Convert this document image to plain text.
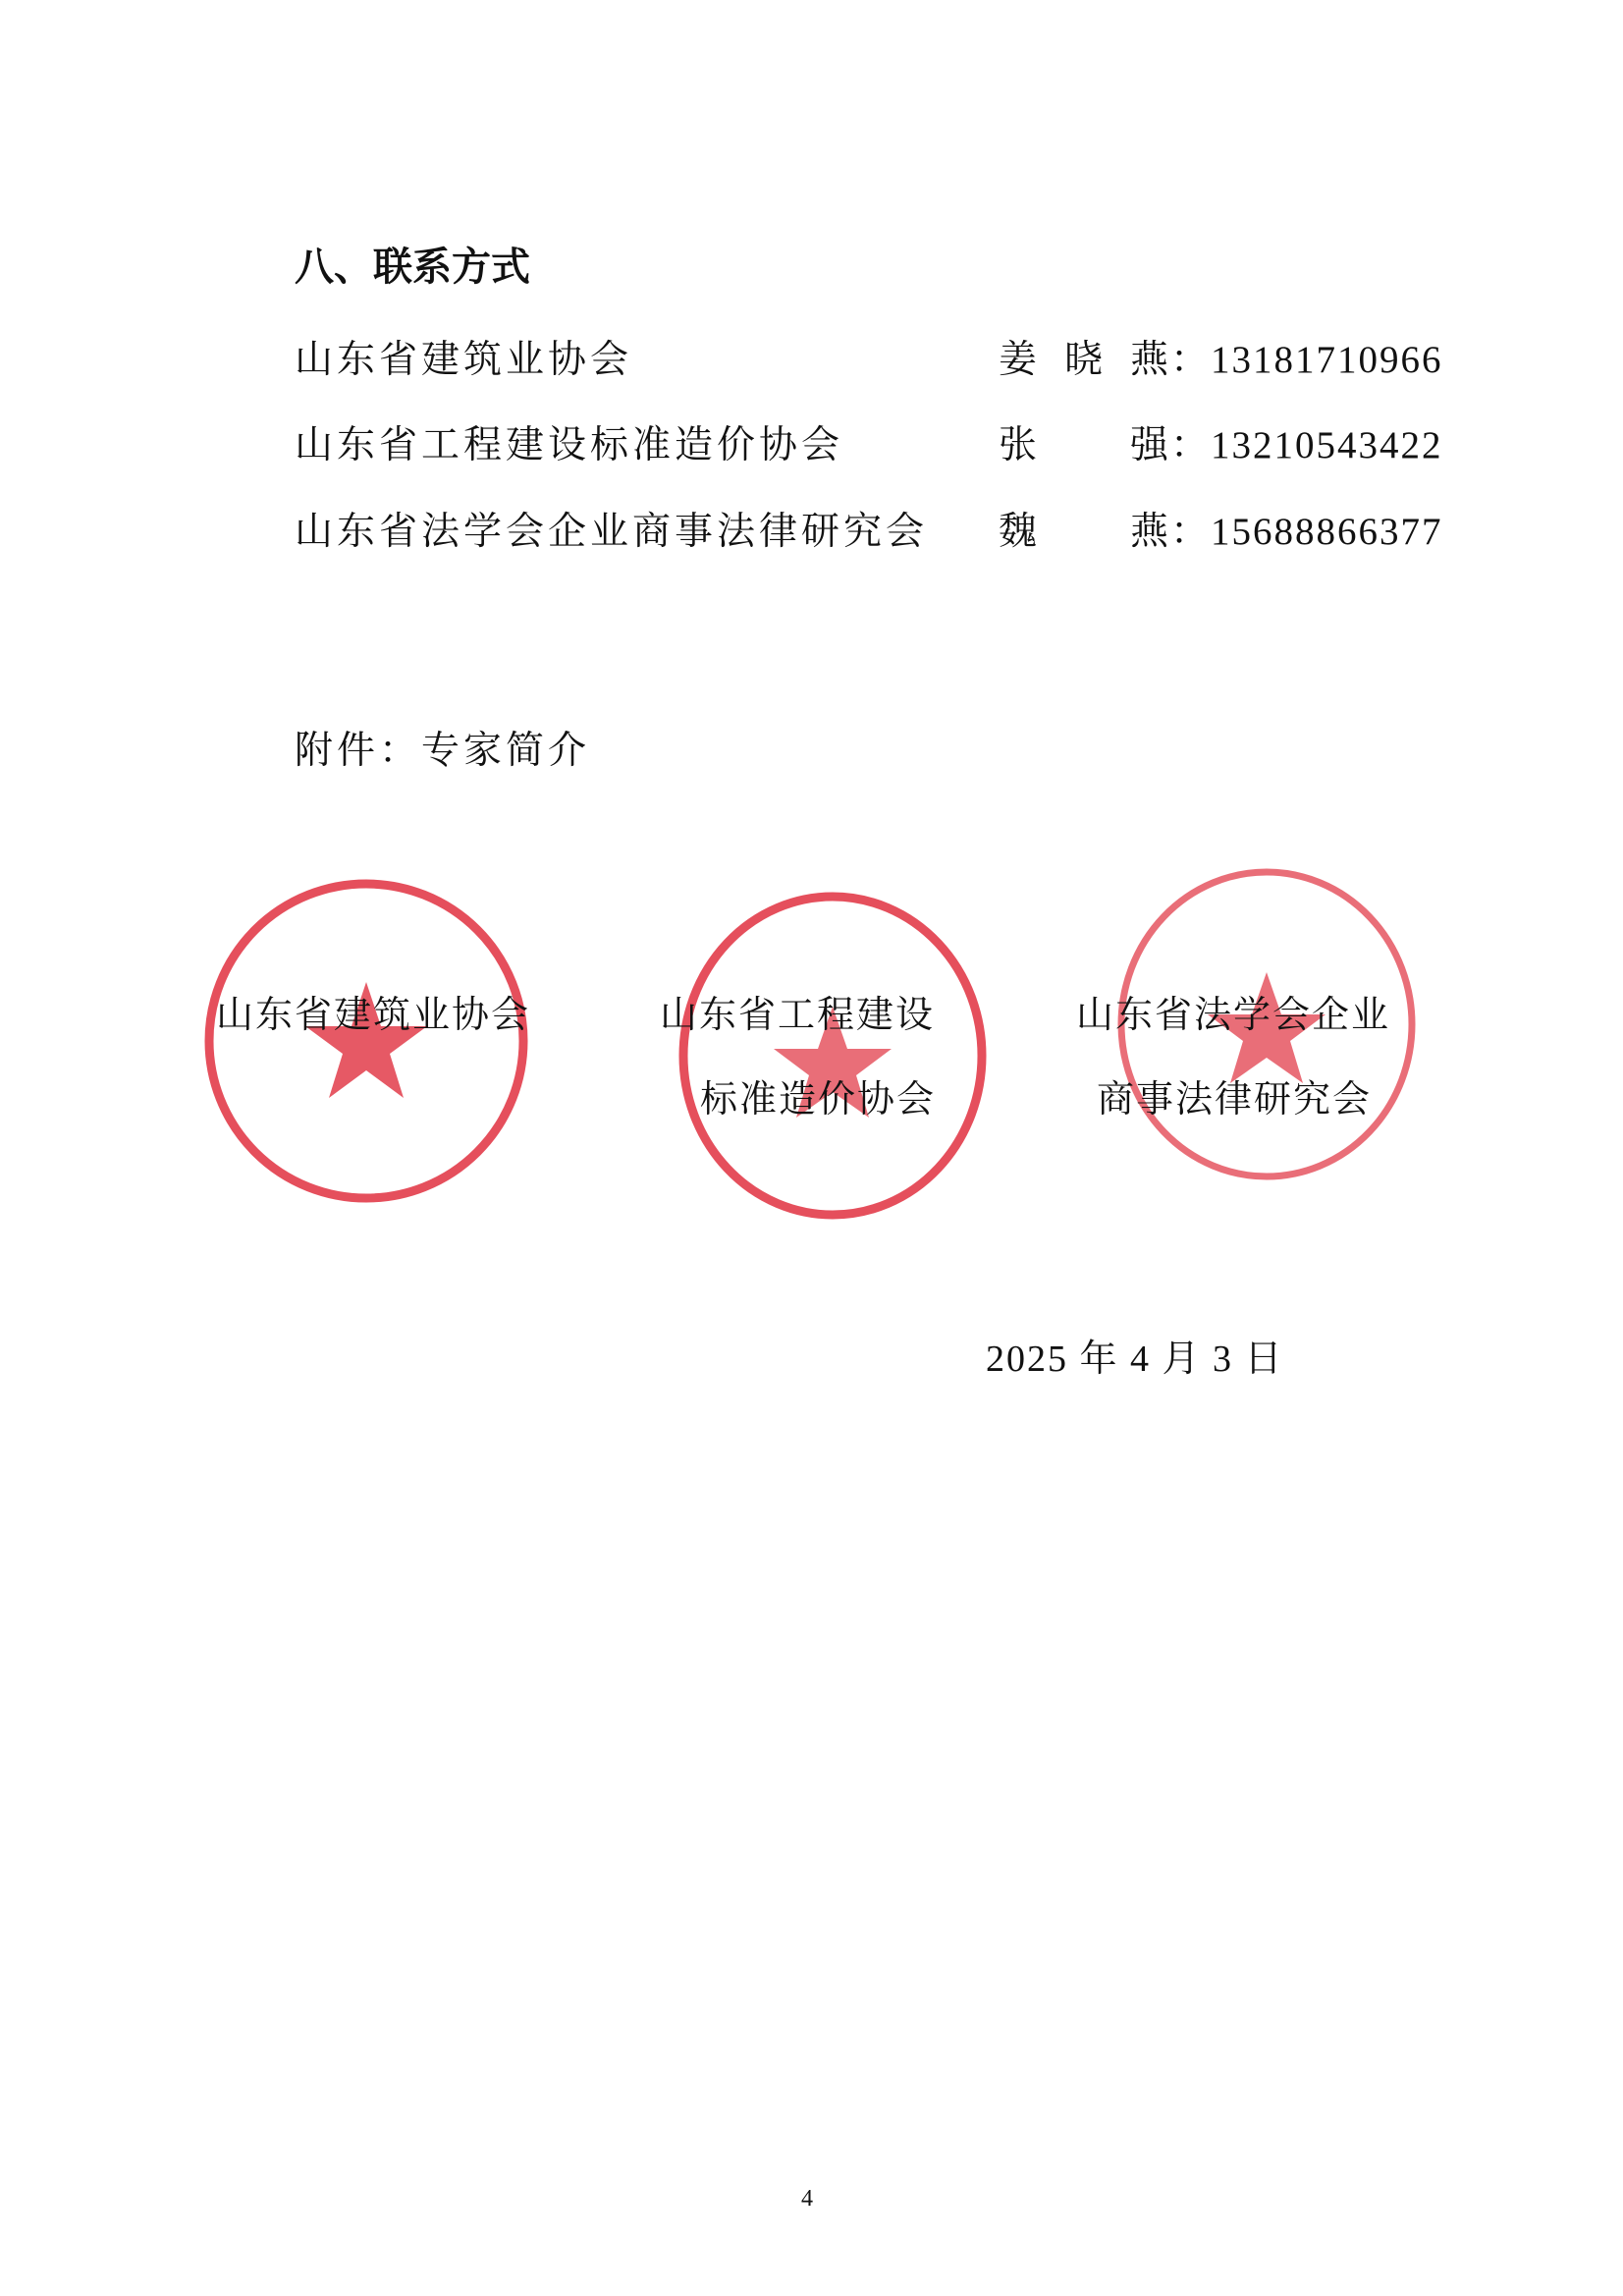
八、联系方式
山东省建筑业协会	姜晓燕：13181710966
山东省工程建设标准造价协会	张强：13210543422
山东省法学会企业商事法律研究会 魏燕：15688866377
附件：专家简介
山东省建筑业协会	山东省工程建设
标准造价协会
山东省法学会企业
商事法律研究会
2025 年 4 月 3 日
4
